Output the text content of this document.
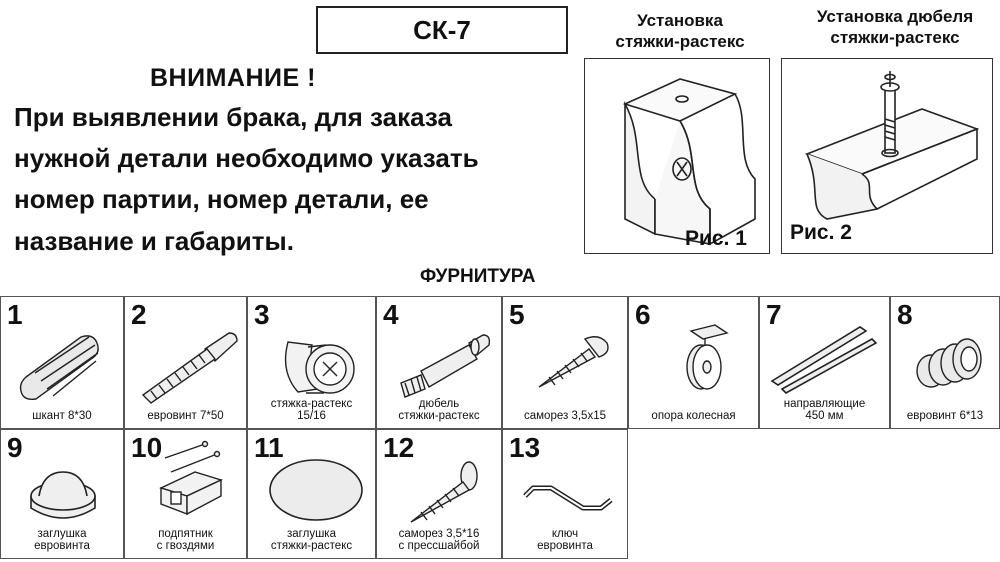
СК-7
ВНИМАНИЕ !
При выявлении брака, для заказа
нужной детали необходимо указать
номер партии, номер детали, ее
название и габариты.
Установка
стяжки-растекс
Рис. 1
Установка дюбеля
стяжки-растекс
Рис. 2
ФУРНИТУРА
1
шкант 8*30
2
евровинт 7*50
3
стяжка-растекс
15/16
4
дюбель
стяжки-растекс
5
саморез 3,5х15
6
опора колесная
7
направляющие
450 мм
8
евровинт 6*13
9
заглушка
евровинта
10
подпятник
с гвоздями
11
заглушка
стяжки-растекс
12
саморез 3,5*16
с прессшайбой
13
ключ
евровинта
